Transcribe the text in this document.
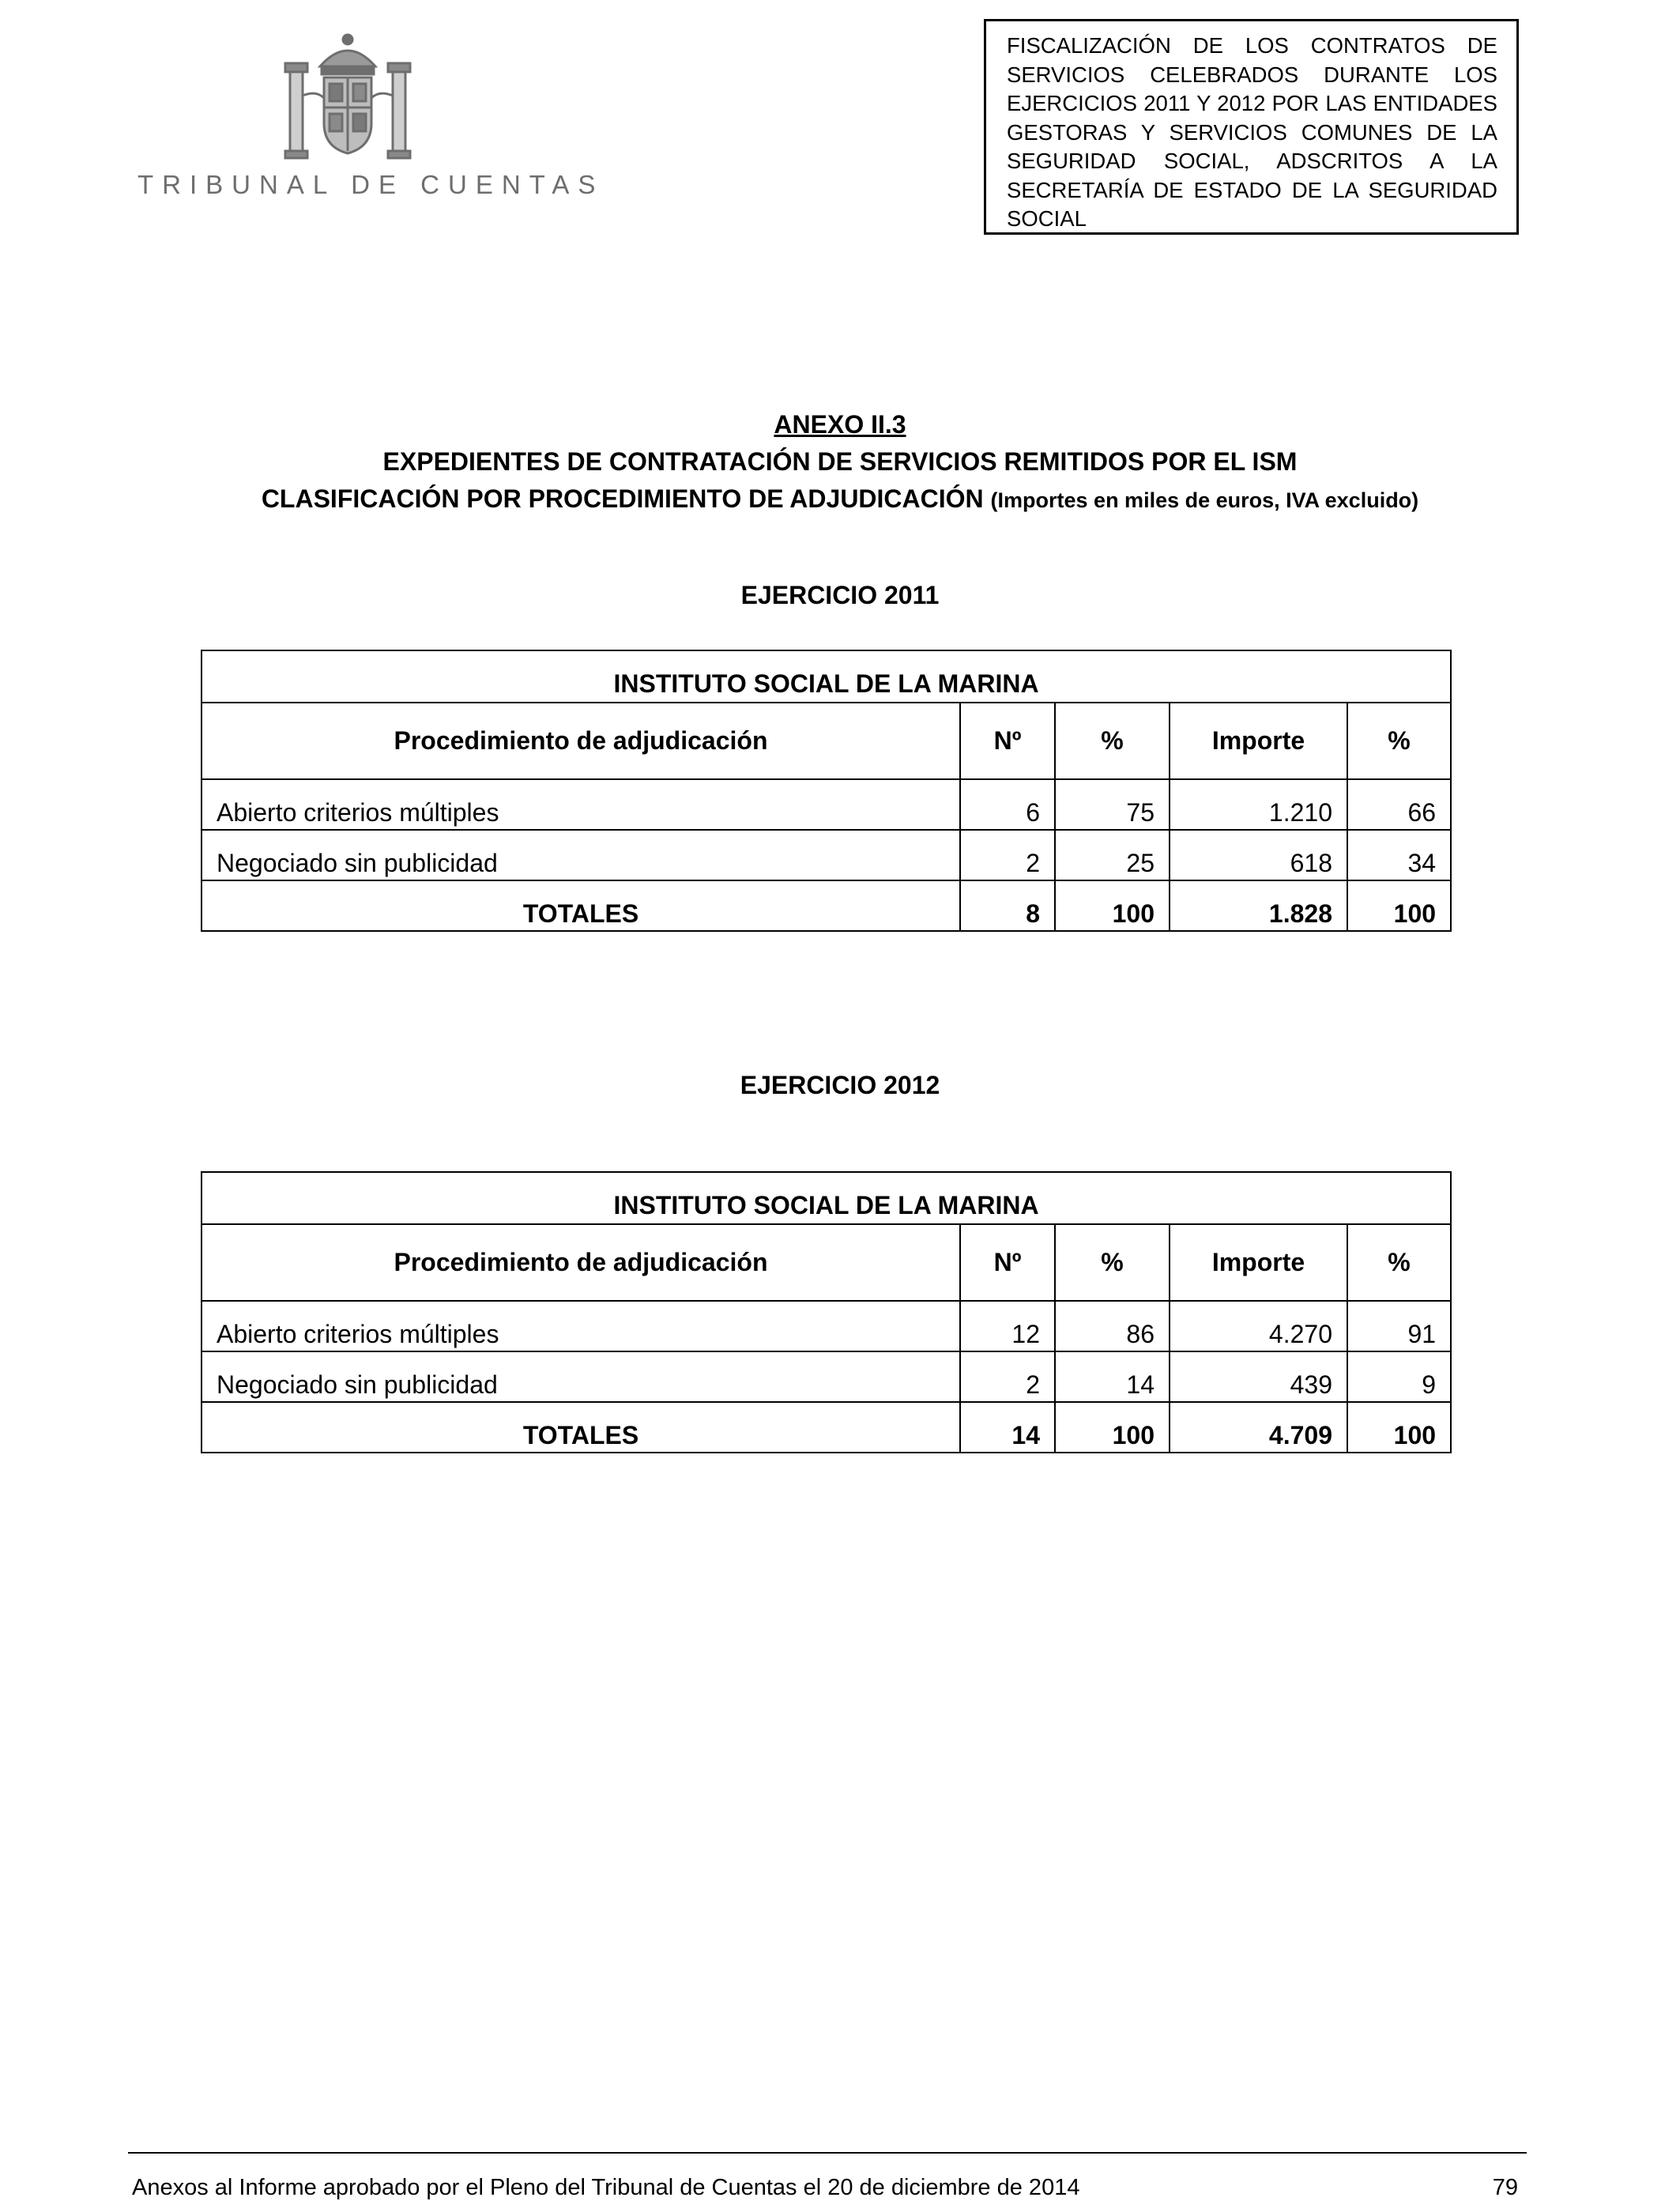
TRIBUNAL DE CUENTAS
FISCALIZACIÓN DE LOS CONTRATOS DE SERVICIOS CELEBRADOS DURANTE LOS EJERCICIOS 2011 Y 2012 POR LAS ENTIDADES GESTORAS Y SERVICIOS COMUNES DE LA SEGURIDAD SOCIAL, ADSCRITOS A LA SECRETARÍA DE ESTADO DE LA SEGURIDAD SOCIAL
ANEXO II.3
EXPEDIENTES DE CONTRATACIÓN DE SERVICIOS REMITIDOS POR EL ISM
CLASIFICACIÓN POR PROCEDIMIENTO DE ADJUDICACIÓN (Importes en miles de euros, IVA excluido)
EJERCICIO 2011
INSTITUTO SOCIAL DE LA MARINA				
Procedimiento de adjudicación	Nº	%	Importe	%
Abierto criterios múltiples	6	75	1.210	66
Negociado sin publicidad	2	25	618	34
TOTALES	8	100	1.828	100
EJERCICIO 2012
INSTITUTO SOCIAL DE LA MARINA				
Procedimiento de adjudicación	Nº	%	Importe	%
Abierto criterios múltiples	12	86	4.270	91
Negociado sin publicidad	2	14	439	9
TOTALES	14	100	4.709	100
Anexos al Informe aprobado por el Pleno del Tribunal de Cuentas el 20 de diciembre de 2014	79
